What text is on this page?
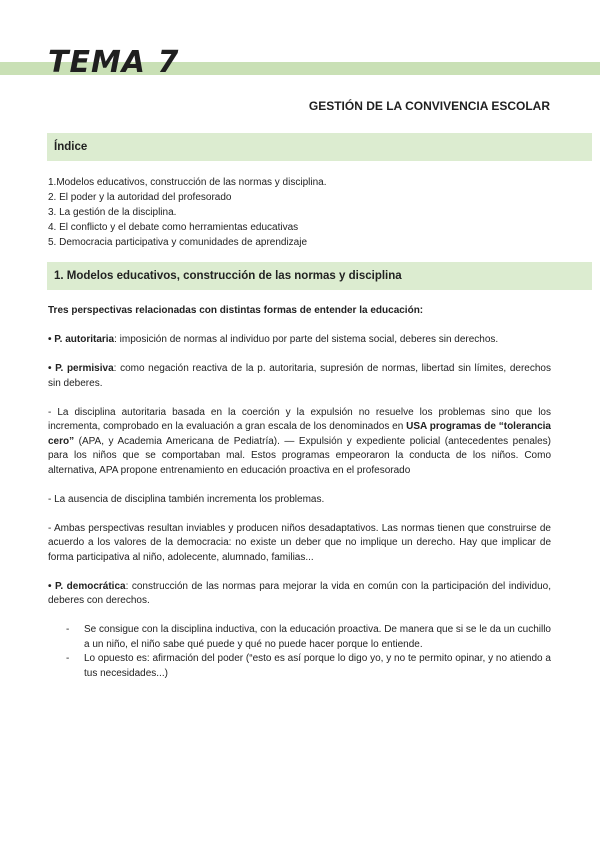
TEMA 7
GESTIÓN DE LA CONVIVENCIA ESCOLAR
Índice
1.Modelos educativos, construcción de las normas y disciplina.
2. El poder y la autoridad del profesorado
3. La gestión de la disciplina.
4. El conflicto y el debate como herramientas educativas
5. Democracia participativa y comunidades de aprendizaje
1. Modelos educativos, construcción de las normas y disciplina

Tres perspectivas relacionadas con distintas formas de entender la educación:

• P. autoritaria: imposición de normas al individuo por parte del sistema social, deberes sin derechos.

• P. permisiva: como negación reactiva de la p. autoritaria, supresión de normas, libertad sin límites, derechos sin deberes.

- La disciplina autoritaria basada en la coerción y la expulsión no resuelve los problemas sino que los incrementa, comprobado en la evaluación a gran escala de los denominados en USA programas de “tolerancia cero” (APA, y Academia Americana de Pediatría). — Expulsión y expediente policial (antecedentes penales) para los niños que se comportaban mal. Estos programas empeoraron la conducta de los niños. Como alternativa, APA propone entrenamiento en educación proactiva en el profesorado

- La ausencia de disciplina también incrementa los problemas.

- Ambas perspectivas resultan inviables y producen niños desadaptativos. Las normas tienen que construirse de acuerdo a los valores de la democracia: no existe un deber que no implique un derecho. Hay que implicar de forma participativa al niño, adolecente, alumnado, familias...

• P. democrática: construcción de las normas para mejorar la vida en común con la participación del individuo, deberes con derechos.

- Se consigue con la disciplina inductiva, con la educación proactiva. De manera que si se le da un cuchillo a un niño, el niño sabe qué puede y qué no puede hacer porque lo entiende.
- Lo opuesto es: afirmación del poder (“esto es así porque lo digo yo, y no te permito opinar, y no atiendo a tus necesidades...)
